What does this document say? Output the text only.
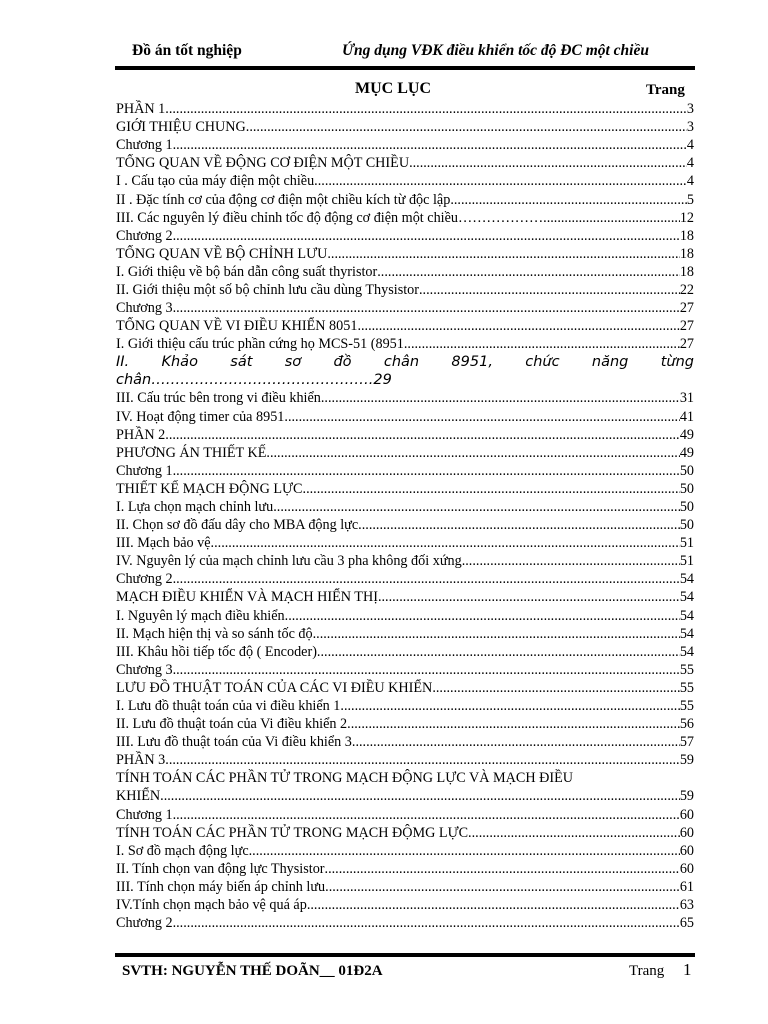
Đồ án tốt nghiệp	Ứng dụng VĐK điều khiển tốc độ ĐC một chiều
MỤC LỤC	Trang
PHẦN 1 .....	3
GIỚI THIỆU CHUNG .....	3
Chương 1 .....	4
TỔNG QUAN VỀ ĐỘNG CƠ ĐIỆN MỘT CHIỀU .....	4
I . Cấu tạo của máy điện một chiều .....	4
II . Đặc tính cơ của động cơ điện một chiều kích từ độc lập .....	5
III. Các nguyên lý điều chỉnh tốc độ động cơ điện một chiều………………. .....	12
Chương 2 .....	18
TỔNG QUAN VỀ BỘ CHỈNH LƯU .....	18
I. Giới thiệu về bộ bán dẫn công suất thyristor .....	18
II. Giới thiệu một số bộ chỉnh lưu cầu dùng Thysistor .....	22
Chương 3 .....	27
TỔNG QUAN VỀ VI ĐIỀU KHIỂN 8051 .....	27
I. Giới thiệu cấu trúc phần cứng họ MCS-51 (8951 .....	27
II. Khảo sát sơ đồ chân 8951, chức năng từng
chân……………………………………….29
III. Cấu trúc bên trong vi điều khiển .....	31
IV. Hoạt động timer của 8951 .....	41
PHẦN 2 .....	49
PHƯƠNG ÁN THIẾT KẾ .....	49
Chương 1 .....	50
THIẾT KẾ MẠCH ĐỘNG LỰC .....	50
I. Lựa chọn mạch chỉnh lưu .....	50
II. Chọn sơ đồ đấu dây cho MBA động lực .....	50
III. Mạch bảo vệ .....	51
IV. Nguyên lý của mạch chỉnh lưu cầu 3 pha không đối xứng .....	51
Chương 2 .....	54
MẠCH ĐIỀU KHIỂN VÀ MẠCH HIỂN THỊ .....	54
I. Nguyên lý mạch điều khiển .....	54
II. Mạch hiện thị và so sánh tốc độ .....	54
III. Khâu hồi tiếp tốc độ ( Encoder) .....	54
Chương 3 .....	55
LƯU ĐỒ THUẬT TOÁN CỦA CÁC VI ĐIỀU KHIỂN .....	55
I. Lưu đồ thuật toán của vi điều khiển 1 .....	55
II. Lưu đồ thuật toán của Vi điều khiển 2 .....	56
III. Lưu đồ thuật toán của Vi điều khiển 3 .....	57
PHẦN 3 .....	59
TÍNH TOÁN CÁC PHẦN TỬ TRONG MẠCH ĐỘNG LỰC VÀ MẠCH ĐIỀU
KHIỂN .....	59
Chương 1 .....	60
TÍNH TOÁN CÁC PHẦN TỬ TRONG MẠCH ĐỘMG LỰC .....	60
I. Sơ đồ mạch động lực .....	60
II. Tính chọn van động lực Thysistor .....	60
III. Tính chọn máy biến áp chỉnh lưu .....	61
IV.Tính chọn mạch bảo vệ quá áp .....	63
Chương 2 .....	65
SVTH: NGUYỄN THẾ DOÃN__ 01Đ2A	Trang 1
